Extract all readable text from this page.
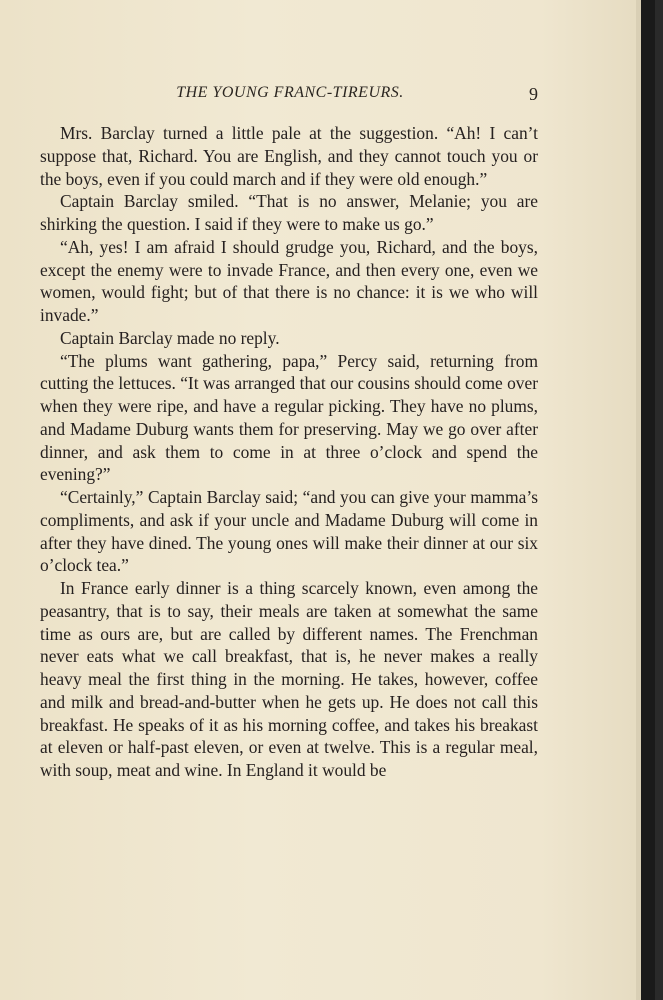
THE YOUNG FRANC-TIREURS.	9

Mrs. Barclay turned a little pale at the suggestion. “Ah! I can’t suppose that, Richard. You are English, and they cannot touch you or the boys, even if you could march and if they were old enough.”

Captain Barclay smiled. “That is no answer, Melanie; you are shirking the question. I said if they were to make us go.”

“Ah, yes! I am afraid I should grudge you, Richard, and the boys, except the enemy were to invade France, and then every one, even we women, would fight; but of that there is no chance: it is we who will invade.”

Captain Barclay made no reply.

“The plums want gathering, papa,” Percy said, returning from cutting the lettuces. “It was arranged that our cousins should come over when they were ripe, and have a regular picking. They have no plums, and Madame Duburg wants them for preserving. May we go over after dinner, and ask them to come in at three o’clock and spend the evening?”

“Certainly,” Captain Barclay said; “and you can give your mamma’s compliments, and ask if your uncle and Madame Duburg will come in after they have dined. The young ones will make their dinner at our six o’clock tea.”

In France early dinner is a thing scarcely known, even among the peasantry, that is to say, their meals are taken at somewhat the same time as ours are, but are called by different names. The Frenchman never eats what we call breakfast, that is, he never makes a really heavy meal the first thing in the morning. He takes, however, coffee and milk and bread-and-butter when he gets up. He does not call this breakfast. He speaks of it as his morning coffee, and takes his breakast at eleven or half-past eleven, or even at twelve. This is a regular meal, with soup, meat and wine. In England it would be
